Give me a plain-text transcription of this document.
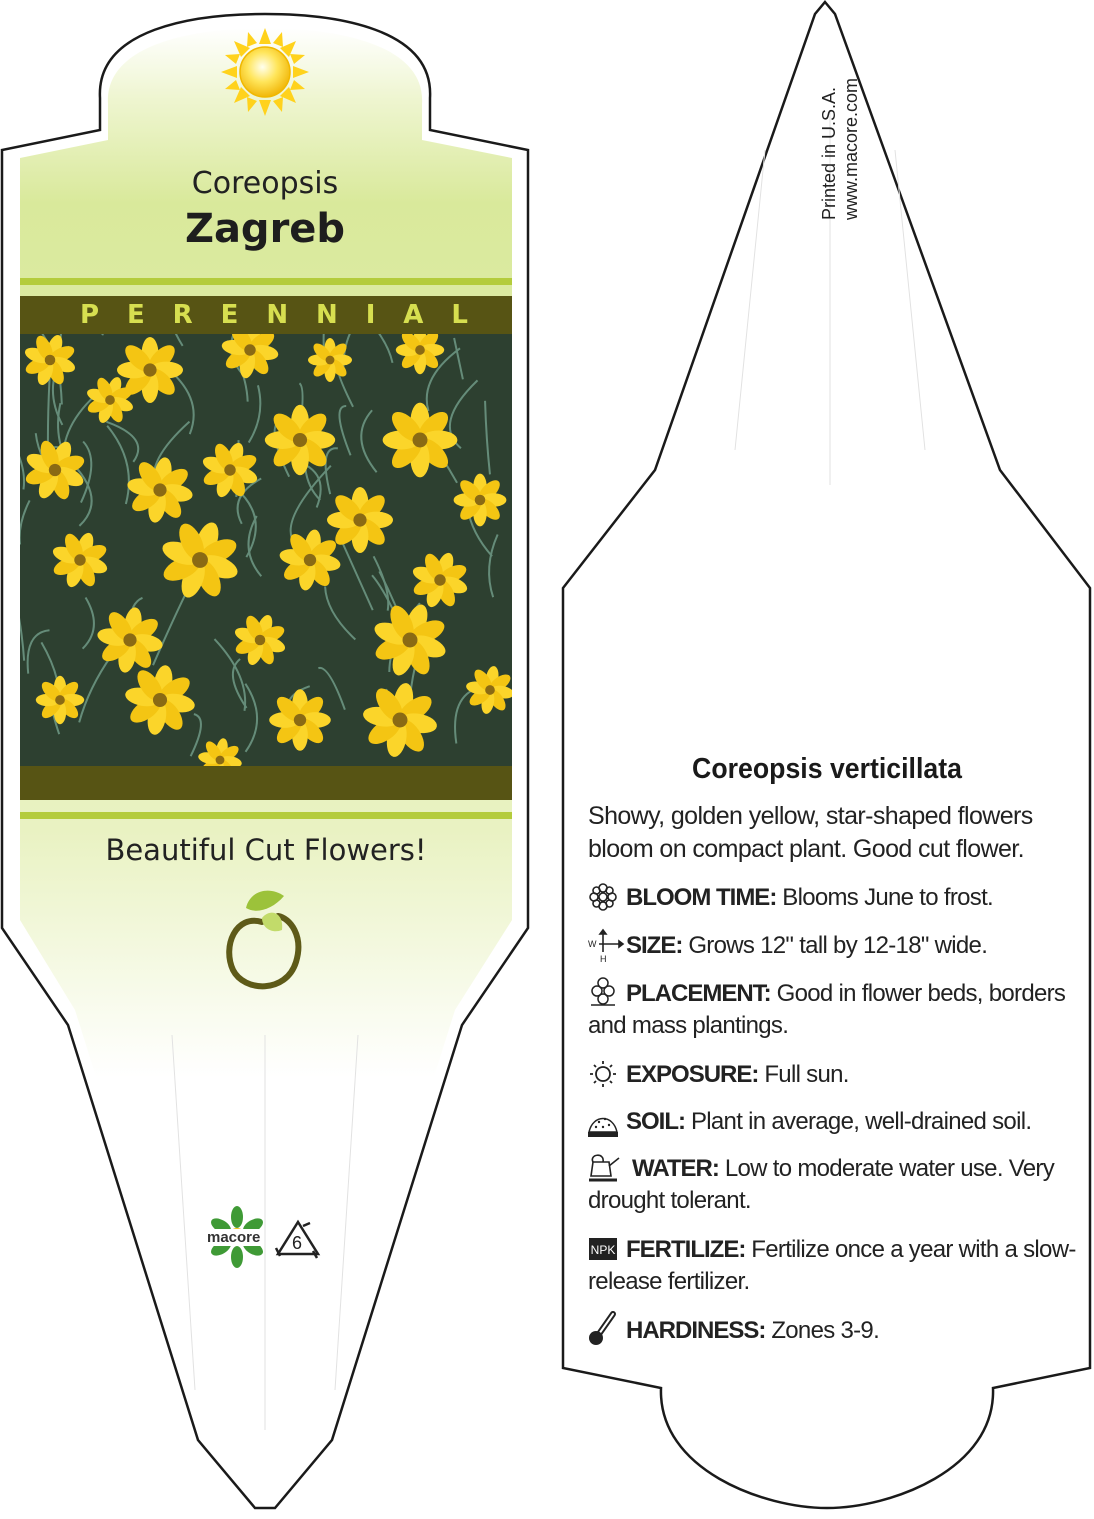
W
H
NPK
Coreopsis
Zagreb
P E R E N N I A L
Beautiful Cut Flowers!
macore 6
Printed in U.S.A. www.macore.com
Coreopsis verticillata
Showy, golden yellow, star-shaped flowers bloom on compact plant. Good cut flower.
BLOOM TIME: Blooms June to frost.
SIZE: Grows 12" tall by 12-18" wide.
PLACEMENT: Good in flower beds, borders and mass plantings.
EXPOSURE: Full sun.
SOIL: Plant in average, well-drained soil.
WATER: Low to moderate water use. Very drought tolerant.
FERTILIZE: Fertilize once a year with a slow-release fertilizer.
HARDINESS: Zones 3-9.
